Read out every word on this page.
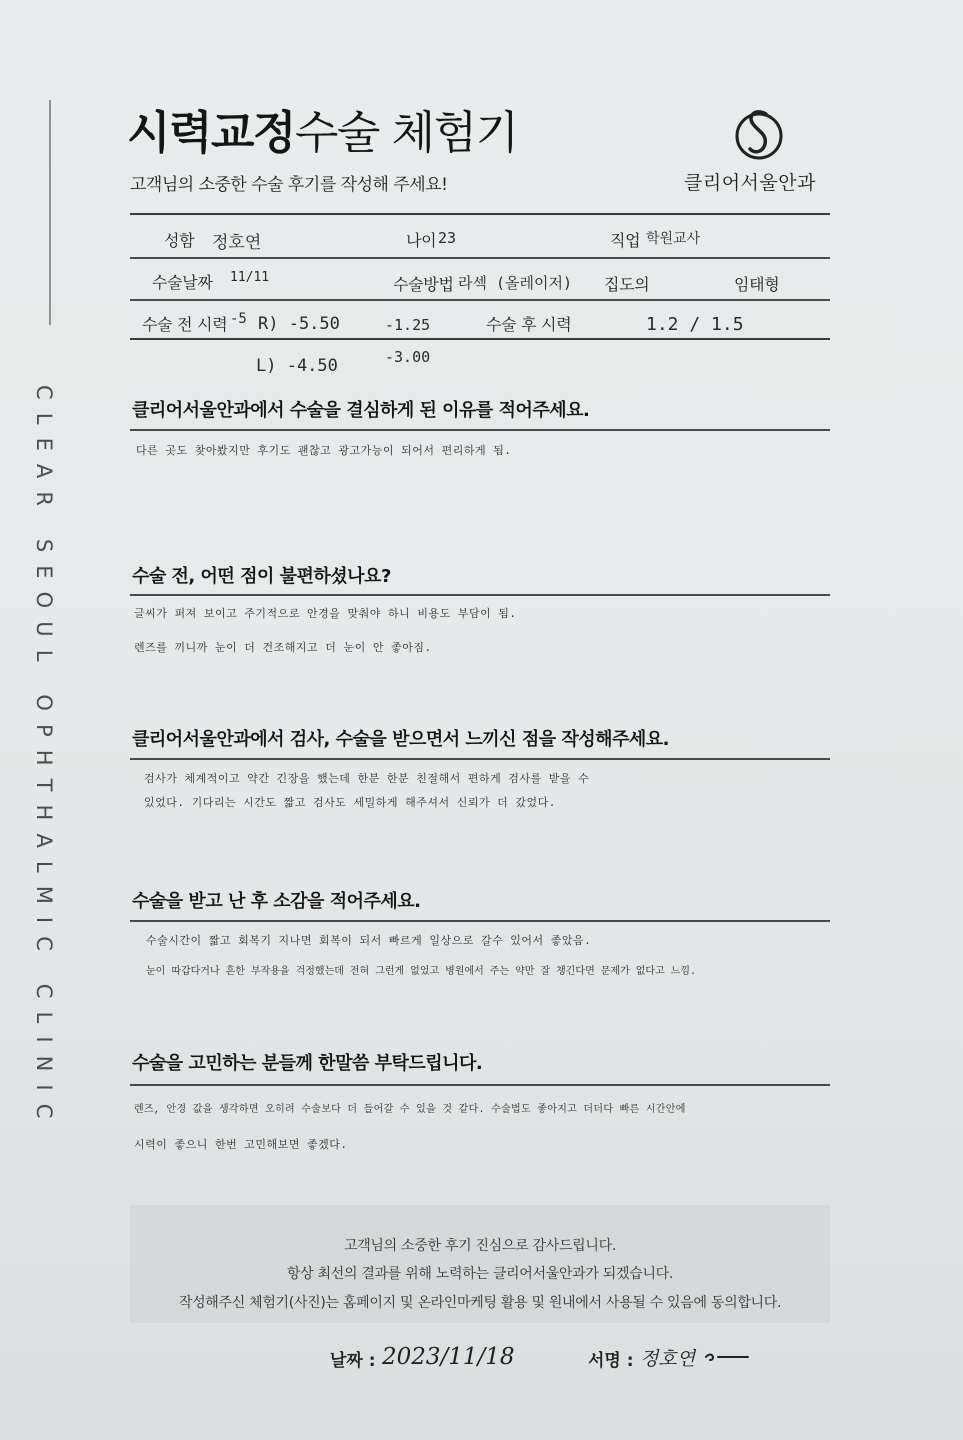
CLEAR SEOUL OPHTHALMIC CLINIC
시력교정수술 체험기
고객님의 소중한 수술 후기를 작성해 주세요!	클리어서울안과
성함 정호연	나이 23	직업 학원교사
수술날짜 11/11	수술방법 라섹 (올레이저) 집도의	임태형
수술 전 시력 -5 R) -5.50	-1.25	수술 후 시력	1.2 / 1.5
L) -4.50	-3.00
클리어서울안과에서 수술을 결심하게 된 이유를 적어주세요.
다른 곳도 찾아봤지만 후기도 괜찮고 광고가능이 되어서 편리하게 됨.
수술 전, 어떤 점이 불편하셨나요?
글씨가 퍼져 보이고 주기적으로 안경을 맞춰야 하니 비용도 부담이 됨.
렌즈를 끼니까 눈이 더 건조해지고 더 눈이 안 좋아짐.
클리어서울안과에서 검사, 수술을 받으면서 느끼신 점을 작성해주세요.
검사가 체계적이고 약간 긴장을 했는데 한분 한분 친절해서 편하게 검사를 받을 수
있었다. 기다리는 시간도 짧고 검사도 세밀하게 해주셔서 신뢰가 더 갔었다.
수술을 받고 난 후 소감을 적어주세요.
수술시간이 짧고 회복기 지나면 회복이 되서 빠르게 일상으로 갈수 있어서 좋았음.
눈이 따갑다거나 흔한 부작용을 걱정했는데 전혀 그런게 없었고 병원에서 주는 약만 잘 챙긴다면 문제가 없다고 느낌.
수술을 고민하는 분들께 한말씀 부탁드립니다.
렌즈, 안경 값을 생각하면 오히려 수술보다 더 들어갈 수 있을 것 같다. 수술법도 좋아지고 더더다 빠른 시간안에
시력이 좋으니 한번 고민해보면 좋겠다.
고객님의 소중한 후기 진심으로 감사드립니다.
항상 최선의 결과를 위해 노력하는 클리어서울안과가 되겠습니다.
작성해주신 체험기(사진)는 홈페이지 및 온라인마케팅 활용 및 원내에서 사용될 수 있음에 동의합니다.
날짜 : 2023/11/18	서명 : 정호연
